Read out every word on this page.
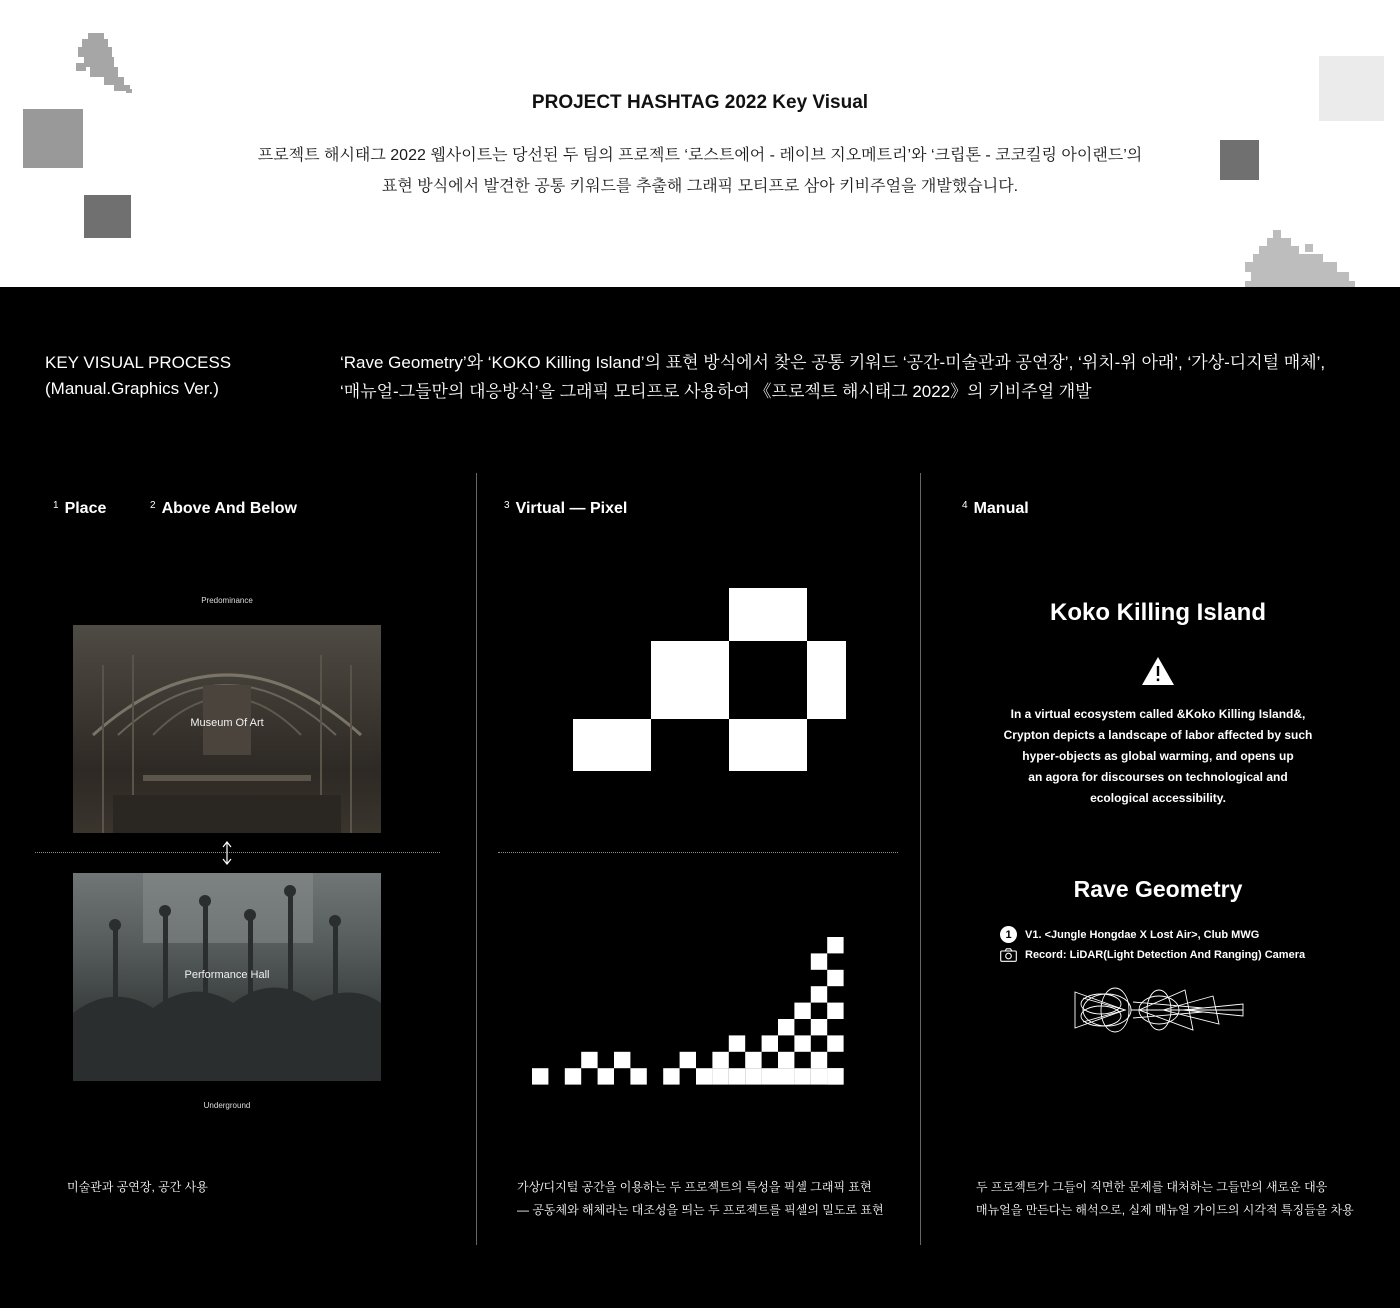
PROJECT HASHTAG 2022 Key Visual
프로젝트 해시태그 2022 웹사이트는 당선된 두 팀의 프로젝트 ‘로스트에어 - 레이브 지오메트리’와 ‘크립톤 - 코코킬링 아이랜드’의
표현 방식에서 발견한 공통 키워드를 추출해 그래픽 모티프로 삼아 키비주얼을 개발했습니다.
KEY VISUAL PROCESS
(Manual.Graphics Ver.)
‘Rave Geometry’와 ‘KOKO Killing Island’의 표현 방식에서 찾은 공통 키워드 ‘공간-미술관과 공연장’, ‘위치-위 아래’, ‘가상-디지털 매체’,
‘매뉴얼-그들만의 대응방식’을 그래픽 모티프로 사용하여 《프로젝트 해시태그 2022》의 키비주얼 개발
$^1$ Place	$^2$ Above And Below	$^3$ Virtual — Pixel	$^4$ Manual
Predominance
Museum Of Art
Performance Hall
Underground
미술관과 공연장, 공간 사용	가상/디지털 공간을 이용하는 두 프로젝트의 특성을 픽셀 그래픽 표현
— 공동체와 해체라는 대조성을 띄는 두 프로젝트를 픽셀의 밀도로 표현
Koko Killing Island
In a virtual ecosystem called &Koko Killing Island&,
Crypton depicts a landscape of labor affected by such
hyper-objects as global warming, and opens up
an agora for discourses on technological and
ecological accessibility.
Rave Geometry
1	V1. <Jungle Hongdae X Lost Air>, Club MWG
Record: LiDAR(Light Detection And Ranging) Camera
두 프로젝트가 그들이 직면한 문제를 대처하는 그들만의 새로운 대응
매뉴얼을 만든다는 해석으로, 실제 매뉴얼 가이드의 시각적 특징들을 차용
